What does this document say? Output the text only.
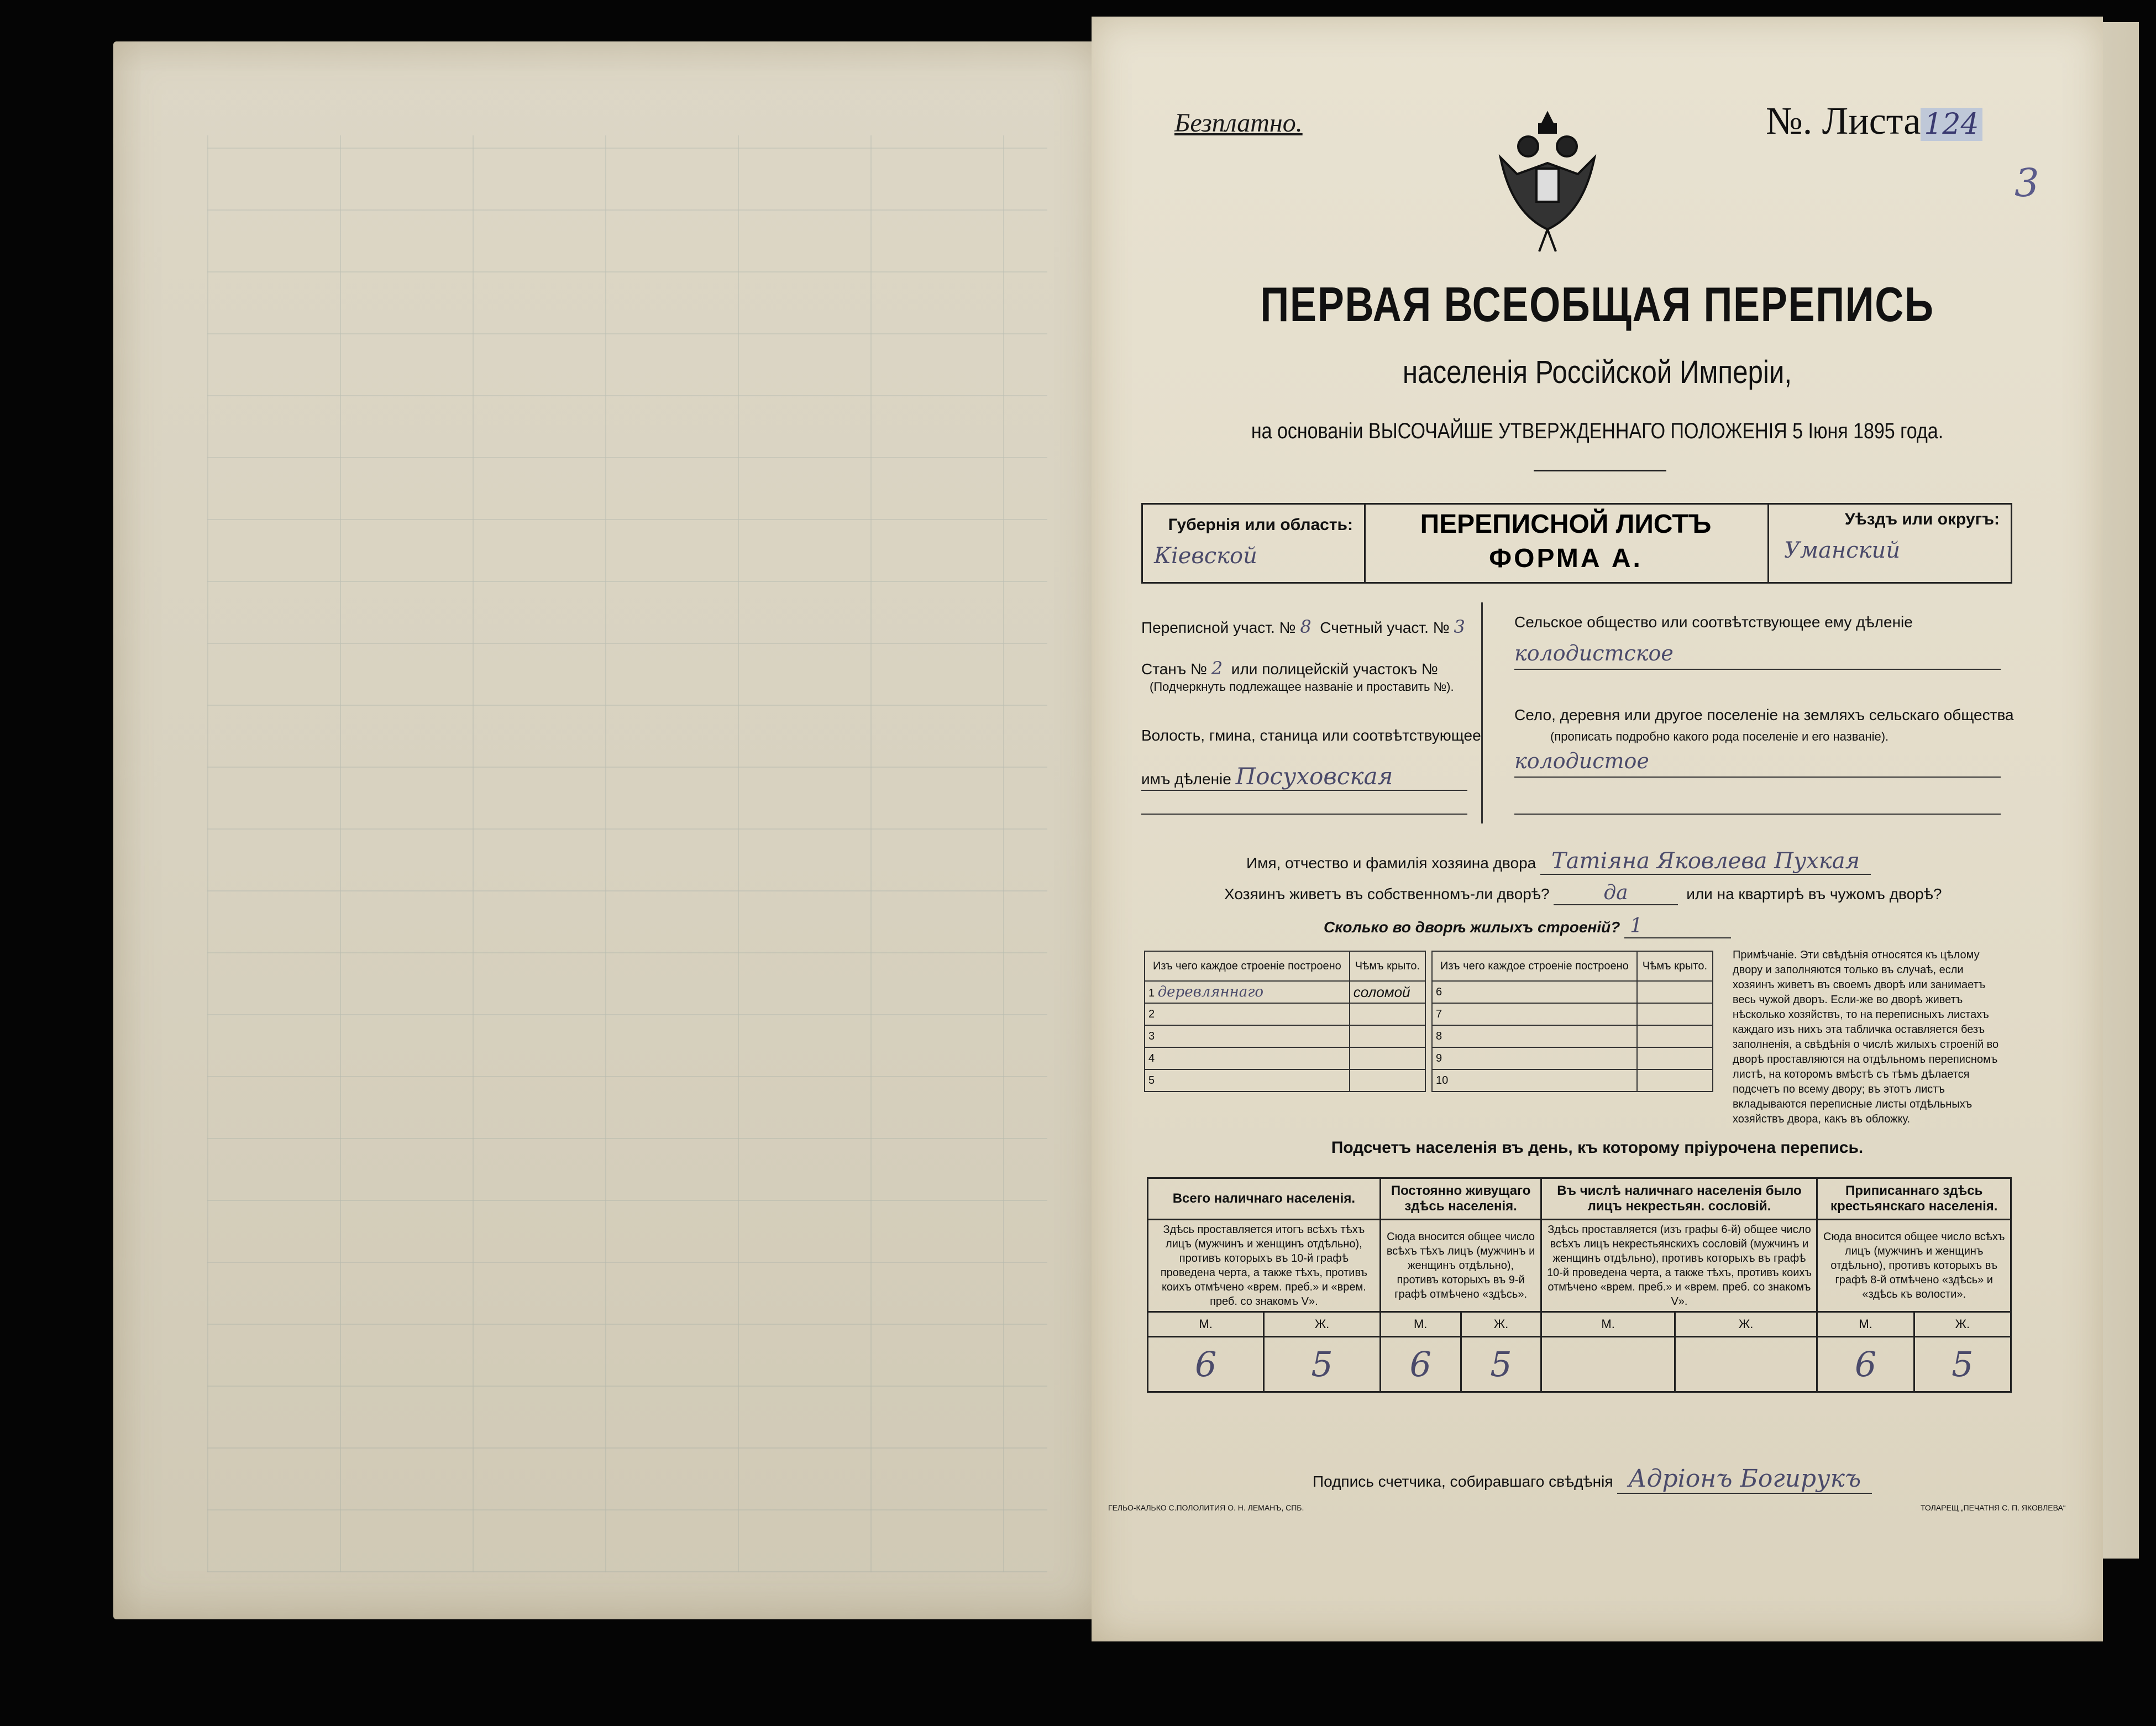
Безплатно.	№. Листа 124
3
ПЕРВАЯ ВСЕОБЩАЯ ПЕРЕПИСЬ
населенія Россійской Имперіи,
на основаніи ВЫСОЧАЙШЕ УТВЕРЖДЕННАГО ПОЛОЖЕНІЯ 5 Іюня 1895 года.
Губернія или область:
Кіевской
ПЕРЕПИСНОЙ ЛИСТЪ
ФОРМА А.
Уѣздъ или округъ:
Уманский
Переписной участ. № 8 Счетный участ. № 3
Станъ № 2 или полицейскій участокъ №
(Подчеркнуть подлежащее названіе и проставить №).
Волость, гмина, станица или соотвѣтствующее
имъ дѣленіе Посуховская
Сельское общество или соотвѣтствующее ему дѣленіе
колодистское
Село, деревня или другое поселеніе на земляхъ сельскаго общества
(прописать подробно какого рода поселеніе и его названіе).
колодистое
Имя, отчество и фамилія хозяина двора Татiяна Яковлева Пухкая
Хозяинъ живетъ въ собственномъ-ли дворѣ?	да	или на квартирѣ въ чужомъ дворѣ?
Сколько во дворѣ жилыхъ строеній? 1
Изъ чего каждое строеніе построено	Чѣмъ крыто.
1 деревляннаго	соломой
2	
3	
4	
5	
Изъ чего каждое строеніе построено	Чѣмъ крыто.
6	
7	
8	
9	
10	
Примѣчаніе. Эти свѣдѣнія относятся къ цѣлому двору и заполняются только въ случаѣ, если хозяинъ живетъ въ своемъ дворѣ или занимаетъ весь чужой дворъ. Если-же во дворѣ живетъ нѣсколько хозяйствъ, то на переписныхъ листахъ каждаго изъ нихъ эта табличка оставляется безъ заполненія, а свѣдѣнія о числѣ жилыхъ строеній во дворѣ проставляются на отдѣльномъ переписномъ листѣ, на которомъ вмѣстѣ съ тѣмъ дѣлается подсчетъ по всему двору; въ этотъ листъ вкладываются переписные листы отдѣльныхъ хозяйствъ двора, какъ въ обложку.
Подсчетъ населенія въ день, къ которому пріурочена перепись.
Всего наличнаго населенія.		Постоянно живущаго здѣсь населенія.		Въ числѣ наличнаго населенія было лицъ некрестьян. сословій.		Приписаннаго здѣсь крестьянскаго населенія.	
Здѣсь проставляется итогъ всѣхъ тѣхъ лицъ (мужчинъ и женщинъ отдѣльно), противъ которыхъ въ 10-й графѣ проведена черта, а также тѣхъ, противъ коихъ отмѣчено «врем. преб.» и «врем. преб. со знакомъ V».		Сюда вносится общее число всѣхъ тѣхъ лицъ (мужчинъ и женщинъ отдѣльно), противъ которыхъ въ 9-й графѣ отмѣчено «здѣсь».		Здѣсь проставляется (изъ графы 6-й) общее число всѣхъ лицъ некрестьянскихъ сословій (мужчинъ и женщинъ отдѣльно), противъ которыхъ въ графѣ 10-й проведена черта, а также тѣхъ, противъ коихъ отмѣчено «врем. преб.» и «врем. преб. со знакомъ V».		Сюда вносится общее число всѣхъ лицъ (мужчинъ и женщинъ отдѣльно), противъ которыхъ въ графѣ 8-й отмѣчено «здѣсь» и «здѣсь къ волости».	
М.	Ж.	М.	Ж.	М.	Ж.	М.	Ж.
6	5	6	5			6	5
Подпись счетчика, собиравшаго свѣдѣнія Адріонъ Богирукъ
ГЕЛЬО-КАЛЬКО С.ПОЛОЛИТИЯ О. Н. ЛЕМАНЪ, СПБ.	ТОЛАРЕЩ „ПЕЧАТНЯ С. П. ЯКОВЛЕВА“
